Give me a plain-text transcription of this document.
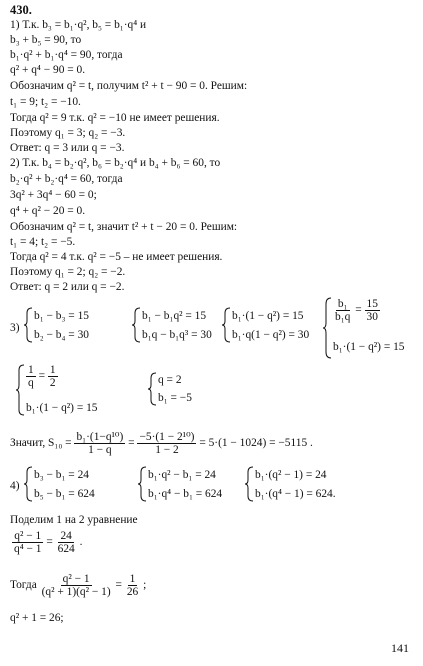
430.
1) Т.к. b₃ = b₁·q², b₅ = b₁·q⁴ и
b₃ + b₅ = 90, то
b₁·q² + b₁·q⁴ = 90, тогда
q² + q⁴ − 90 = 0.
Обозначим q² = t, получим t² + t − 90 = 0. Решим:
t₁ = 9; t₂ = −10.
Тогда q² = 9 т.к. q² = −10 не имеет решения.
Поэтому q₁ = 3; q₂ = −3.
Ответ: q = 3 или q = −3.
2) Т.к. b₄ = b₂·q², b₆ = b₂·q⁴ и b₄ + b₆ = 60, то
b₂·q² + b₂·q⁴ = 60, тогда
3q² + 3q⁴ − 60 = 0;
q⁴ + q² − 20 = 0.
Обозначим q² = t, значит t² + t − 20 = 0. Решим:
t₁ = 4; t₂ = −5.
Тогда q² = 4 т.к. q² = −5 – не имеет решения.
Поэтому q₁ = 2; q₂ = −2.
Ответ: q = 2 или q = −2.
3)
b₁ − b₃ = 15
b₂ − b₄ = 30
b₁ − b₁q² = 15
b₁q − b₁q³ = 30
b₁·(1 − q²) = 15
b₁·q(1 − q²) = 30
$\frac{\text{b₁}}{\text{b₁q}} = \frac{15}{30}$
b₁·(1 − q²) = 15
$\frac{1}{q} = \frac{1}{2}$
b₁·(1 − q²) = 15
q = 2
b₁ = −5
Значит, $S_{10} = \frac{\text{b₁·(1−q¹⁰)}}{1 - q} = \frac{\text{−5·(1 − 2¹⁰)}}{1 - 2} = 5\cdot(1 - 1024) = -5115$ .
4)
b₃ − b₁ = 24
b₅ − b₁ = 624
b₁·q² − b₁ = 24
b₁·q⁴ − b₁ = 624
b₁·(q² − 1) = 24
b₁·(q⁴ − 1) = 624.
Поделим 1 на 2 уравнение
$\frac{\text{q² − 1}}{\text{q⁴ − 1}} = \frac{24}{624}$ .
Тогда $\frac{\text{q² − 1}}{\text{(q² + 1)(q² − 1)}} = \frac{1}{26}$ ;
q² + 1 = 26;
141
